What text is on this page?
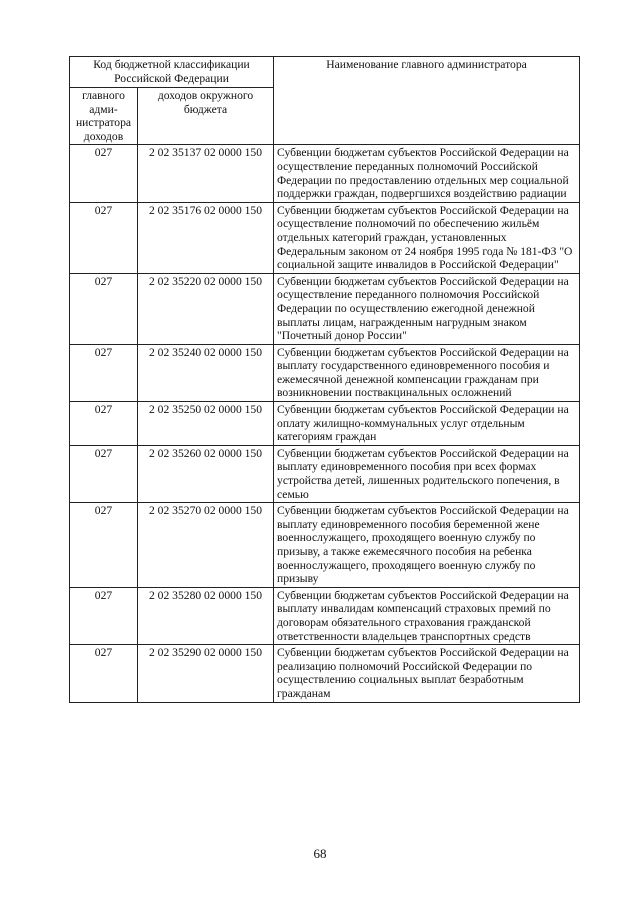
Код бюджетной классификации Российской Федерации		Наименование главного администратора
главного адми-нистратора доходов	доходов окружного бюджета	
027	2 02 35137 02 0000 150	Субвенции бюджетам субъектов Российской Федерации на осуществление переданных полномочий Российской Федерации по предоставлению отдельных мер социальной поддержки граждан, подвергшихся воздействию радиации
027	2 02 35176 02 0000 150	Субвенции бюджетам субъектов Российской Федерации на осуществление полномочий по обеспечению жильём отдельных категорий граждан, установленных Федеральным законом от 24 ноября 1995 года № 181-ФЗ "О социальной защите инвалидов в Российской Федерации"
027	2 02 35220 02 0000 150	Субвенции бюджетам субъектов Российской Федерации на осуществление переданного полномочия Российской Федерации по осуществлению ежегодной денежной выплаты лицам, награжденным нагрудным знаком "Почетный донор России"
027	2 02 35240 02 0000 150	Субвенции бюджетам субъектов Российской Федерации на выплату государственного единовременного пособия и ежемесячной денежной компенсации гражданам при возникновении поствакцинальных осложнений
027	2 02 35250 02 0000 150	Субвенции бюджетам субъектов Российской Федерации на оплату жилищно-коммунальных услуг отдельным категориям граждан
027	2 02 35260 02 0000 150	Субвенции бюджетам субъектов Российской Федерации на выплату единовременного пособия при всех формах устройства детей, лишенных родительского попечения, в семью
027	2 02 35270 02 0000 150	Субвенции бюджетам субъектов Российской Федерации на выплату единовременного пособия беременной жене военнослужащего, проходящего военную службу по призыву, а также ежемесячного пособия на ребенка военнослужащего, проходящего военную службу по призыву
027	2 02 35280 02 0000 150	Субвенции бюджетам субъектов Российской Федерации на выплату инвалидам компенсаций страховых премий по договорам обязательного страхования гражданской ответственности владельцев транспортных средств
027	2 02 35290 02 0000 150	Субвенции бюджетам субъектов Российской Федерации на реализацию полномочий Российской Федерации по осуществлению социальных выплат безработным гражданам
68
